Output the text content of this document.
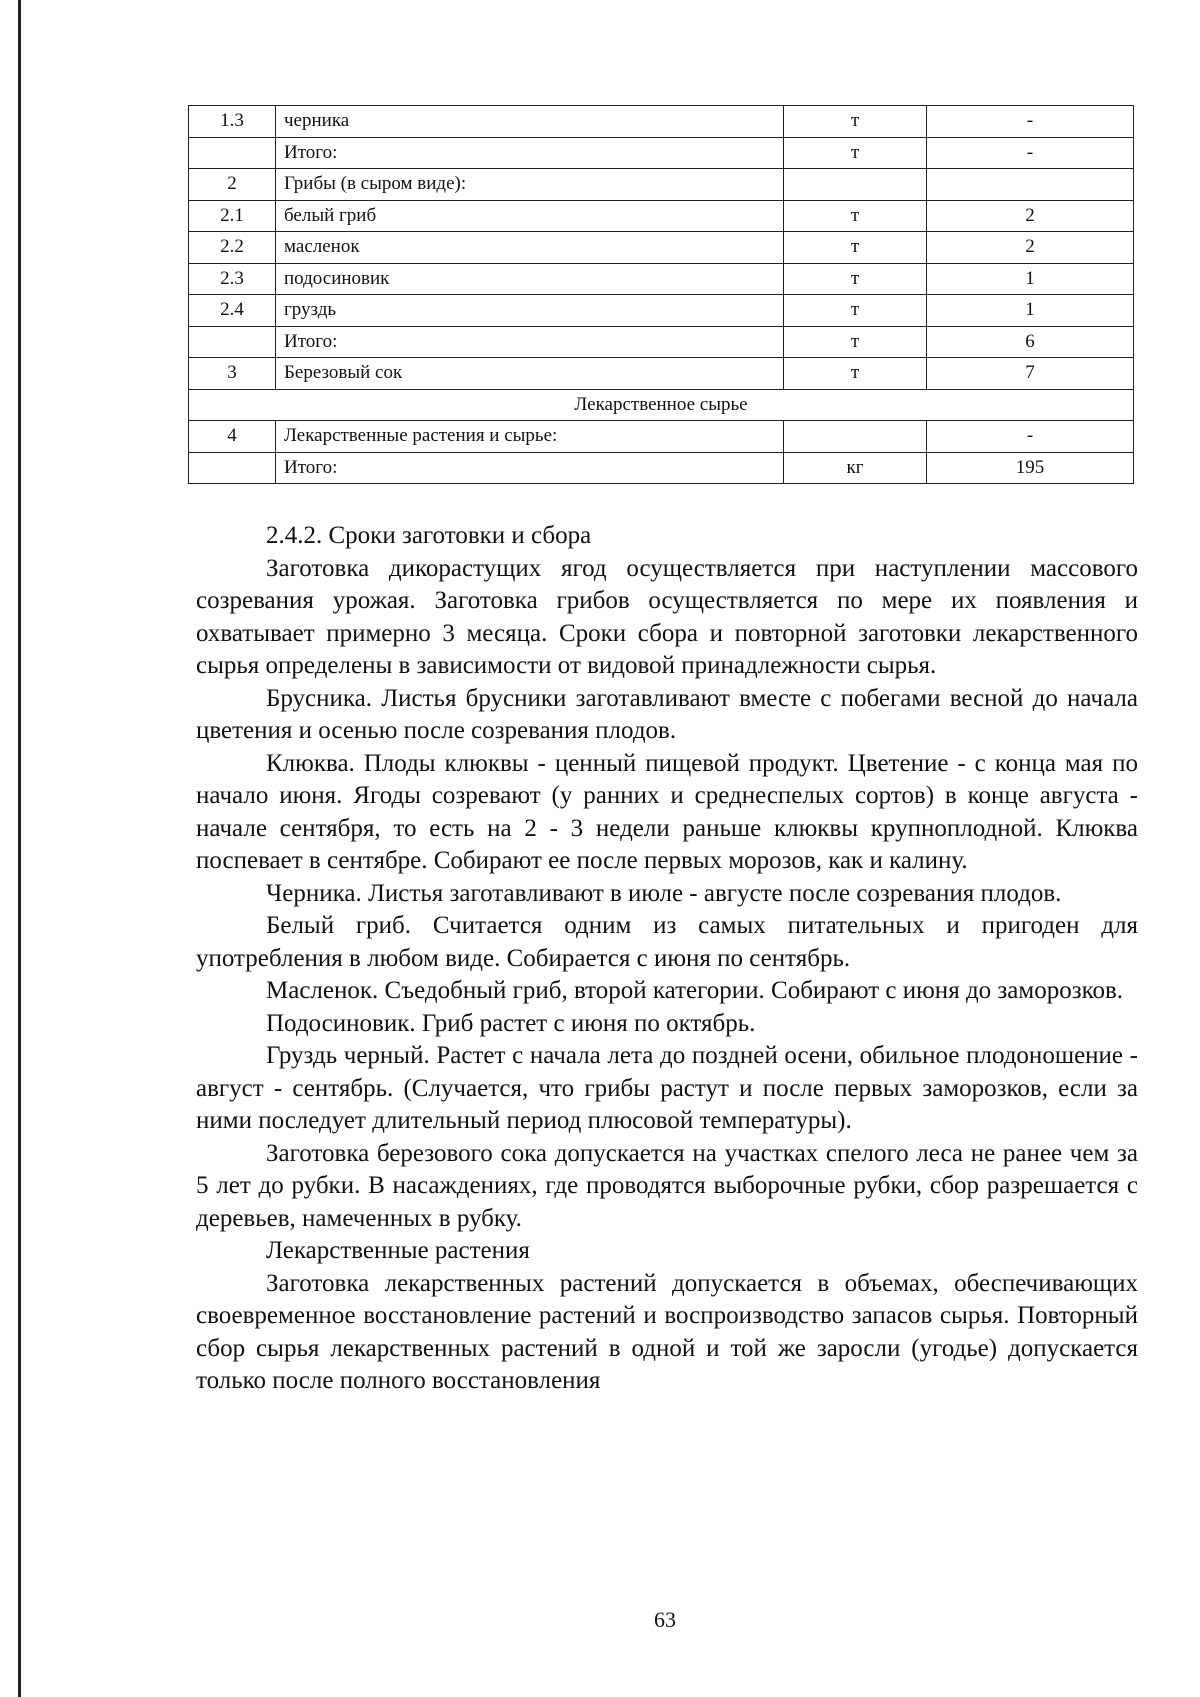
1.3	черника	т	-
	Итого:	т	-
2	Грибы (в сыром виде):		
2.1	белый гриб	т	2
2.2	масленок	т	2
2.3	подосиновик	т	1
2.4	груздь	т	1
	Итого:	т	6
3	Березовый сок	т	7
Лекарственное сырье			
4	Лекарственные растения и сырье:		-
	Итого:	кг	195

2.4.2. Сроки заготовки и сбора

Заготовка дикорастущих ягод осуществляется при наступлении массового созревания урожая. Заготовка грибов осуществляется по мере их появления и охватывает примерно 3 месяца. Сроки сбора и повторной заготовки лекарственного сырья определены в зависимости от видовой принадлежности сырья.

Брусника. Листья брусники заготавливают вместе с побегами весной до начала цветения и осенью после созревания плодов.

Клюква. Плоды клюквы - ценный пищевой продукт. Цветение - с конца мая по начало июня. Ягоды созревают (у ранних и среднеспелых сортов) в конце августа - начале сентября, то есть на 2 - 3 недели раньше клюквы крупноплодной. Клюква поспевает в сентябре. Собирают ее после первых морозов, как и калину.

Черника. Листья заготавливают в июле - августе после созревания плодов.

Белый гриб. Считается одним из самых питательных и пригоден для употребления в любом виде. Собирается с июня по сентябрь.

Масленок. Съедобный гриб, второй категории. Собирают с июня до заморозков.

Подосиновик. Гриб растет с июня по октябрь.

Груздь черный. Растет с начала лета до поздней осени, обильное плодоношение - август - сентябрь. (Случается, что грибы растут и после первых заморозков, если за ними последует длительный период плюсовой температуры).

Заготовка березового сока допускается на участках спелого леса не ранее чем за 5 лет до рубки. В насаждениях, где проводятся выборочные рубки, сбор разрешается с деревьев, намеченных в рубку.

Лекарственные растения

Заготовка лекарственных растений допускается в объемах, обеспечивающих своевременное восстановление растений и воспроизводство запасов сырья. Повторный сбор сырья лекарственных растений в одной и той же заросли (угодье) допускается только после полного восстановления

63
